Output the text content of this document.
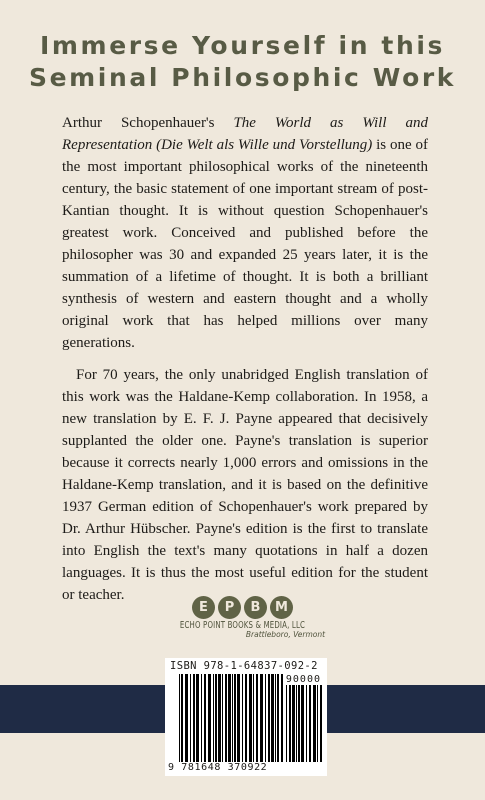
Immerse Yourself in this
Seminal Philosophic Work

Arthur Schopenhauer's The World as Will and Representation (Die Welt als Wille und Vorstellung) is one of the most important philosophical works of the nineteenth century, the basic statement of one important stream of post-Kantian thought. It is without question Schopenhauer's greatest work. Conceived and published before the philosopher was 30 and expanded 25 years later, it is the summation of a lifetime of thought. It is both a brilliant synthesis of western and eastern thought and a wholly original work that has helped millions over many generations.

For 70 years, the only unabridged English translation of this work was the Haldane-Kemp collaboration. In 1958, a new translation by E. F. J. Payne appeared that decisively supplanted the older one. Payne's translation is superior because it corrects nearly 1,000 errors and omissions in the Haldane-Kemp translation, and it is based on the definitive 1937 German edition of Schopenhauer's work prepared by Dr. Arthur Hübscher. Payne's edition is the first to translate into English the text's many quotations in half a dozen languages. It is thus the most useful edition for the student or teacher.

E	P	B	M
ECHO POINT BOOKS & MEDIA, LLC
Brattleboro, Vermont
ISBN 978-1-64837-092-2
90000
9 781648 370922
